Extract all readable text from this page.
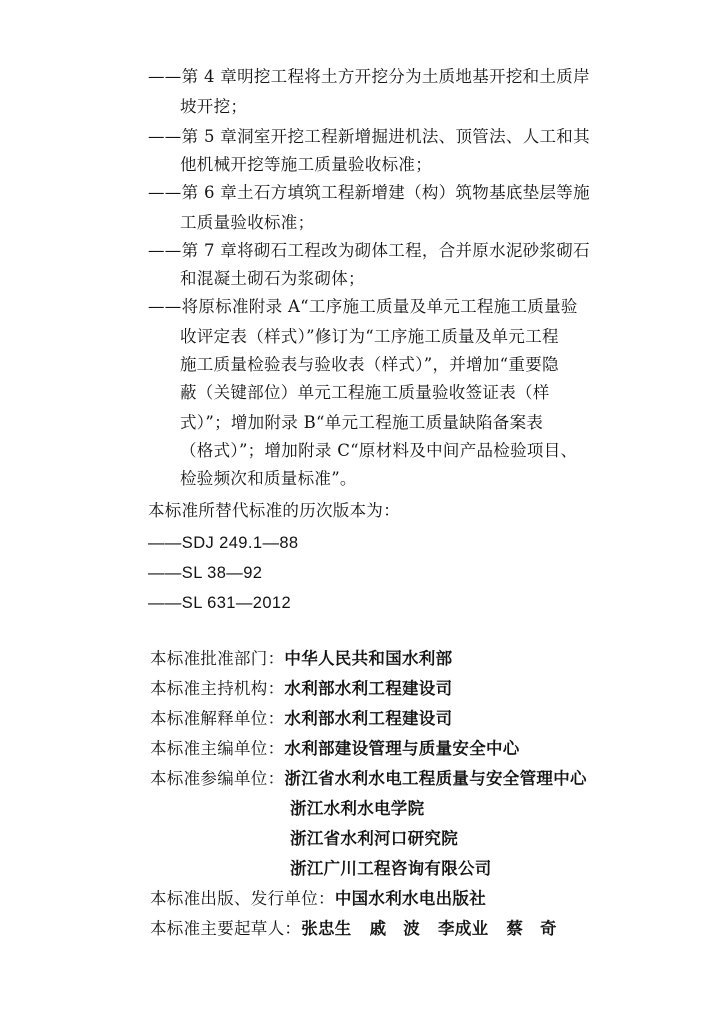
——第 4 章明挖工程将土方开挖分为土质地基开挖和土质岸
坡开挖；
——第 5 章洞室开挖工程新增掘进机法、顶管法、人工和其
他机械开挖等施工质量验收标准；
——第 6 章土石方填筑工程新增建（构）筑物基底垫层等施
工质量验收标准；
——第 7 章将砌石工程改为砌体工程，合并原水泥砂浆砌石
和混凝土砌石为浆砌体；
——将原标准附录 A“工序施工质量及单元工程施工质量验
收评定表（样式）”修订为“工序施工质量及单元工程
施工质量检验表与验收表（样式）”，并增加“重要隐
蔽（关键部位）单元工程施工质量验收签证表（样
式）”；增加附录 B“单元工程施工质量缺陷备案表
（格式）”；增加附录 C“原材料及中间产品检验项目、
检验频次和质量标准”。
本标准所替代标准的历次版本为：
——SDJ 249.1—88
——SL 38—92
——SL 631—2012
本标准批准部门：中华人民共和国水利部
本标准主持机构：水利部水利工程建设司
本标准解释单位：水利部水利工程建设司
本标准主编单位：水利部建设管理与质量安全中心
本标准参编单位：浙江省水利水电工程质量与安全管理中心
浙江水利水电学院
浙江省水利河口研究院
浙江广川工程咨询有限公司
本标准出版、发行单位：中国水利水电出版社
本标准主要起草人：张忠生 戚　波 李成业 蔡　奇
